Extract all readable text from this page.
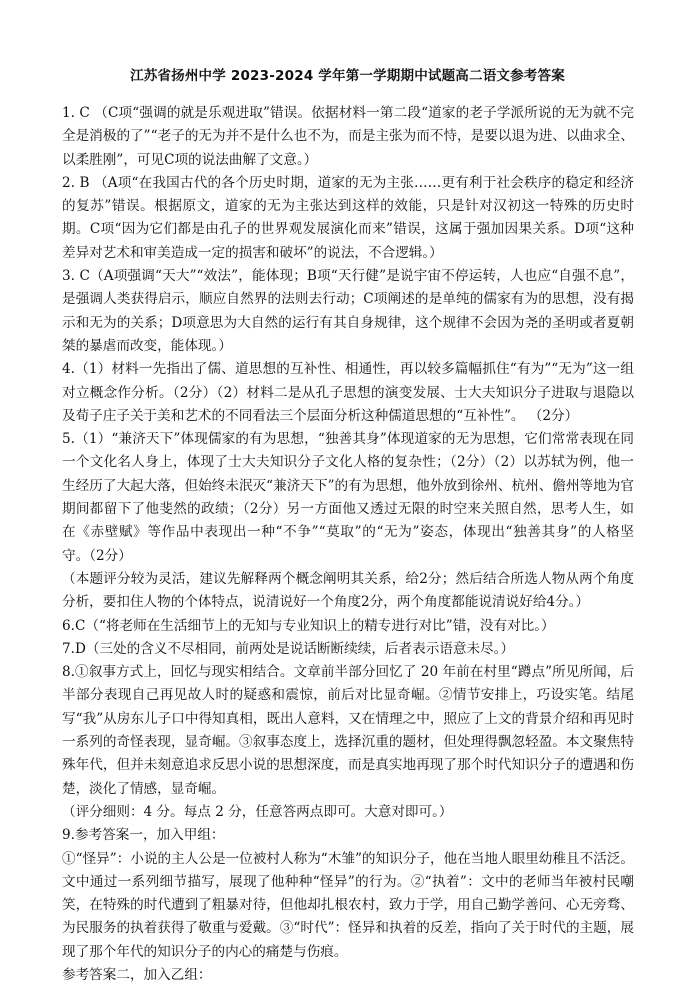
江苏省扬州中学 2023-2024 学年第一学期期中试题高二语文参考答案

1. C （C项“强调的就是乐观进取”错误。依据材料一第二段“道家的老子学派所说的无为就不完全是消极的了”“老子的无为并不是什么也不为，而是主张为而不恃，是要以退为进、以曲求全、以柔胜刚”，可见C项的说法曲解了文意。）

2. B （A项“在我国古代的各个历史时期，道家的无为主张……更有利于社会秩序的稳定和经济的复苏”错误。根据原文，道家的无为主张达到这样的效能，只是针对汉初这一特殊的历史时期。C项“因为它们都是由孔子的世界观发展演化而来”错误，这属于强加因果关系。D项“这种差异对艺术和审美造成一定的损害和破坏”的说法，不合逻辑。）

3. C（A项强调“天大”“效法”，能体现；B项“天行健”是说宇宙不停运转，人也应“自强不息”，是强调人类获得启示，顺应自然界的法则去行动；C项阐述的是单纯的儒家有为的思想，没有揭示和无为的关系；D项意思为大自然的运行有其自身规律，这个规律不会因为尧的圣明或者夏朝桀的暴虐而改变，能体现。）

4.（1）材料一先指出了儒、道思想的互补性、相通性，再以较多篇幅抓住“有为”“无为”这一组对立概念作分析。（2分）（2）材料二是从孔子思想的演变发展、士大夫知识分子进取与退隐以及荀子庄子关于美和艺术的不同看法三个层面分析这种儒道思想的“互补性”。 （2分）

5.（1）“兼济天下”体现儒家的有为思想，“独善其身”体现道家的无为思想，它们常常表现在同一个文化名人身上，体现了士大夫知识分子文化人格的复杂性；（2分）（2）以苏轼为例，他一生经历了大起大落，但始终未泯灭“兼济天下”的有为思想，他外放到徐州、杭州、儋州等地为官期间都留下了他斐然的政绩；（2分）另一方面他又透过无限的时空来关照自然，思考人生，如在《赤壁赋》等作品中表现出一种“不争”“莫取”的“无为”姿态，体现出“独善其身”的人格坚守。（2分）

（本题评分较为灵活，建议先解释两个概念阐明其关系，给2分；然后结合所选人物从两个角度分析，要扣住人物的个体特点，说清说好一个角度2分，两个角度都能说清说好给4分。）

6.C（“将老师在生活细节上的无知与专业知识上的精专进行对比”错，没有对比。）

7.D（三处的含义不尽相同，前两处是说话断断续续，后者表示语意未尽。）

8.①叙事方式上，回忆与现实相结合。文章前半部分回忆了 20 年前在村里“蹲点”所见所闻，后半部分表现自己再见故人时的疑惑和震惊，前后对比显奇崛。②情节安排上，巧设实笔。结尾写“我”从房东儿子口中得知真相，既出人意料，又在情理之中，照应了上文的背景介绍和再见时一系列的奇怪表现，显奇崛。③叙事态度上，选择沉重的题材，但处理得飘忽轻盈。本文聚焦特殊年代，但并未刻意追求反思小说的思想深度，而是真实地再现了那个时代知识分子的遭遇和伤楚，淡化了情感，显奇崛。

（评分细则：4 分。每点 2 分，任意答两点即可。大意对即可。）

9.参考答案一，加入甲组：

①“怪异”：小说的主人公是一位被村人称为“木雏”的知识分子，他在当地人眼里幼稚且不活泛。文中通过一系列细节描写，展现了他种种“怪异”的行为。②“执着”：文中的老师当年被村民嘲笑，在特殊的时代遭到了粗暴对待，但他却扎根农村，致力于学，用自己勤学善问、心无旁骛、为民服务的执着获得了敬重与爱戴。③“时代”：怪异和执着的反差，指向了关于时代的主题，展现了那个年代的知识分子的内心的痛楚与伤痕。

参考答案二，加入乙组：
